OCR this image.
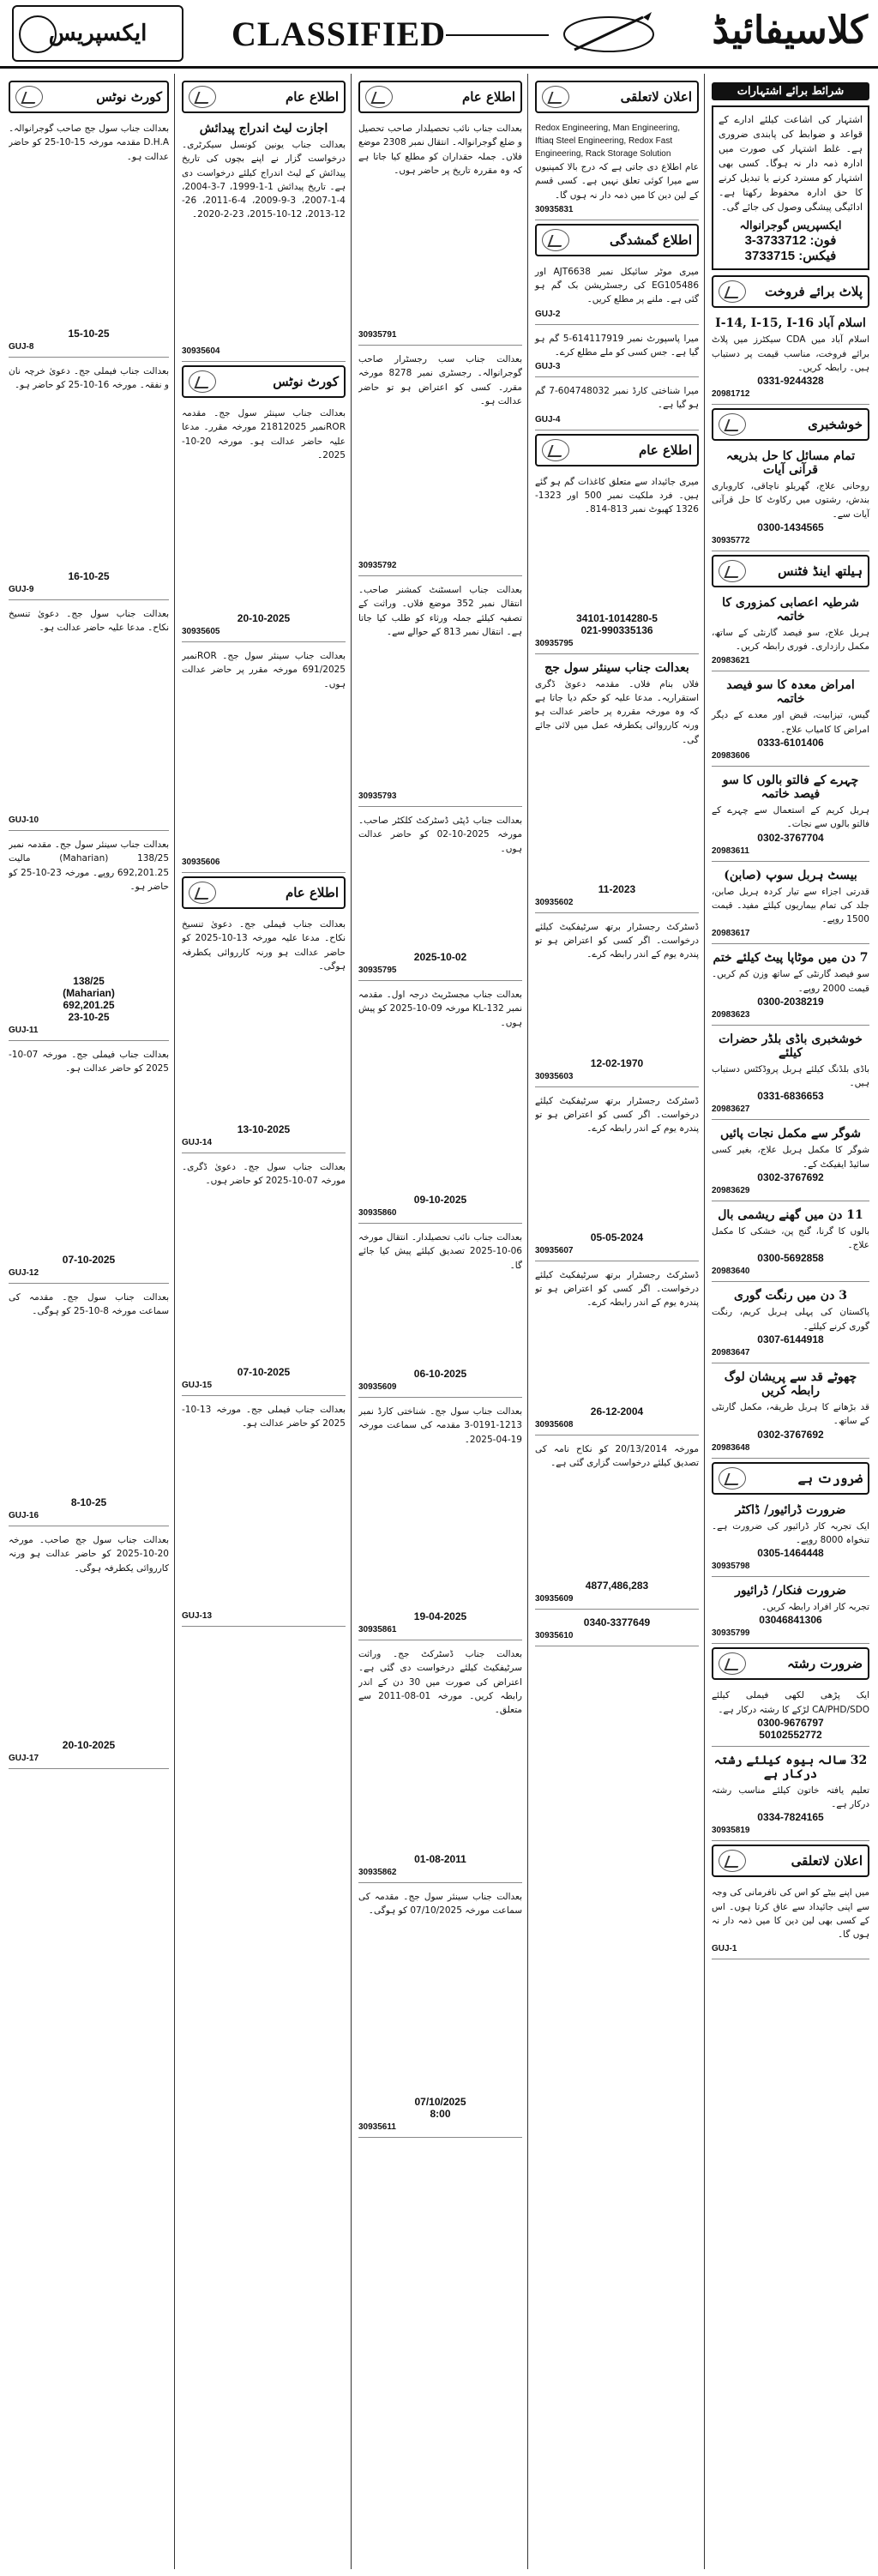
ایکسپریس CLASSIFIED	کلاسیفائیڈ
شرائط برائے اشتہارات
اشتہار کی اشاعت کیلئے ادارے کے قواعد و ضوابط کی پابندی ضروری ہے۔ غلط اشتہار کی صورت میں ادارہ ذمہ دار نہ ہوگا۔ کسی بھی اشتہار کو مسترد کرنے یا تبدیل کرنے کا حق ادارہ محفوظ رکھتا ہے۔ ادائیگی پیشگی وصول کی جائے گی۔
ایکسپریس گوجرانوالہ
فون: 3733712-3
فیکس: 3733715
پلاٹ برائے فروخت
اسلام آباد I-14, I-15, I-16
اسلام آباد میں CDA سیکٹرز میں پلاٹ برائے فروخت، مناسب قیمت پر دستیاب ہیں۔ رابطہ کریں۔
0331-9244328
20981712
خوشخبری
تمام مسائل کا حل بذریعہ قرآنی آیات
روحانی علاج، گھریلو ناچاقی، کاروباری بندش، رشتوں میں رکاوٹ کا حل قرآنی آیات سے۔
0300-1434565
30935772
ہیلتھ اینڈ فٹنس
شرطیہ اعصابی کمزوری کا خاتمہ
ہربل علاج، سو فیصد گارنٹی کے ساتھ، مکمل رازداری۔ فوری رابطہ کریں۔
20983621
امراض معدہ کا سو فیصد خاتمہ
گیس، تیزابیت، قبض اور معدے کے دیگر امراض کا کامیاب علاج۔
0333-6101406
20983606
چہرے کے فالتو بالوں کا سو فیصد خاتمہ
ہربل کریم کے استعمال سے چہرے کے فالتو بالوں سے نجات۔
0302-3767704
20983611
بیسٹ ہربل سوپ (صابن)
قدرتی اجزاء سے تیار کردہ ہربل صابن، جلد کی تمام بیماریوں کیلئے مفید۔ قیمت 1500 روپے۔
20983617
7 دن میں موٹاپا پیٹ کیلئے ختم
سو فیصد گارنٹی کے ساتھ وزن کم کریں۔ قیمت 2000 روپے۔
0300-2038219
20983623
خوشخبری باڈی بلڈر حضرات کیلئے
باڈی بلڈنگ کیلئے ہربل پروڈکٹس دستیاب ہیں۔
0331-6836653
20983627
شوگر سے مکمل نجات پائیں
شوگر کا مکمل ہربل علاج، بغیر کسی سائیڈ ایفیکٹ کے۔
0302-3767692
20983629
11 دن میں گھنے ریشمی بال
بالوں کا گرنا، گنج پن، خشکی کا مکمل علاج۔
0300-5692858
20983640
3 دن میں رنگت گوری
پاکستان کی پہلی ہربل کریم، رنگت گوری کرنے کیلئے۔
0307-6144918
20983647
چھوٹے قد سے پریشان لوگ رابطہ کریں
قد بڑھانے کا ہربل طریقہ، مکمل گارنٹی کے ساتھ۔
0302-3767692
20983648
ضرورت ہے
ضرورت ڈرائیور/ ڈاکٹر
ایک تجربہ کار ڈرائیور کی ضرورت ہے۔ تنخواہ 8000 روپے۔
0305-1464448
30935798
ضرورت فنکار/ ڈرائیور
تجربہ کار افراد رابطہ کریں۔
03046841306
30935799
ضرورت رشتہ
ایک پڑھی لکھی فیملی کیلئے CA/PHD/SDO لڑکے کا رشتہ درکار ہے۔
0300-9676797
50102552772
32 سالہ بیوہ کیلئے رشتہ درکار ہے
تعلیم یافتہ خاتون کیلئے مناسب رشتہ درکار ہے۔
0334-7824165
30935819
اعلان لاتعلقی
میں اپنے بیٹے کو اس کی نافرمانی کی وجہ سے اپنی جائیداد سے عاق کرتا ہوں۔ اس کے کسی بھی لین دین کا میں ذمہ دار نہ ہوں گا۔
GUJ-1
اعلان لاتعلقی
Redox Engineering, Man Engineering, Iftiaq Steel Engineering, Redox Fast Engineering, Rack Storage Solution
عام اطلاع دی جاتی ہے کہ درج بالا کمپنیوں سے میرا کوئی تعلق نہیں ہے۔ کسی قسم کے لین دین کا میں ذمہ دار نہ ہوں گا۔
30935831
اطلاع گمشدگی
میری موٹر سائیکل نمبر AJT6638 اور EG105486 کی رجسٹریشن بک گم ہو گئی ہے۔ ملنے پر مطلع کریں۔
GUJ-2
میرا پاسپورٹ نمبر 614117919-5 گم ہو گیا ہے۔ جس کسی کو ملے مطلع کرے۔
GUJ-3
میرا شناختی کارڈ نمبر 604748032-7 گم ہو گیا ہے۔
GUJ-4
اطلاع عام
میری جائیداد سے متعلق کاغذات گم ہو گئے ہیں۔ فرد ملکیت نمبر 500 اور 1323-1326 کھیوٹ نمبر 813-814۔
34101-1014280-5
021-990335136
30935795
بعدالت جناب سینئر سول جج
فلاں بنام فلاں۔ مقدمہ دعویٰ ڈگری استقراریہ۔ مدعا علیہ کو حکم دیا جاتا ہے کہ وہ مورخہ مقررہ پر حاضر عدالت ہو ورنہ کارروائی یکطرفہ عمل میں لائی جائے گی۔
11-2023
30935602
ڈسٹرکٹ رجسٹرار برتھ سرٹیفکیٹ کیلئے درخواست۔ اگر کسی کو اعتراض ہو تو پندرہ یوم کے اندر رابطہ کرے۔
12-02-1970
30935603
ڈسٹرکٹ رجسٹرار برتھ سرٹیفکیٹ کیلئے درخواست۔ اگر کسی کو اعتراض ہو تو پندرہ یوم کے اندر رابطہ کرے۔
05-05-2024
30935607
ڈسٹرکٹ رجسٹرار برتھ سرٹیفکیٹ کیلئے درخواست۔ اگر کسی کو اعتراض ہو تو پندرہ یوم کے اندر رابطہ کرے۔
26-12-2004
30935608
مورخہ 20/13/2014 کو نکاح نامہ کی تصدیق کیلئے درخواست گزاری گئی ہے۔
4877,486,283
30935609
0340-3377649
30935610
اطلاع عام
بعدالت جناب نائب تحصیلدار صاحب تحصیل و ضلع گوجرانوالہ۔ انتقال نمبر 2308 موضع فلاں۔ جملہ حقداران کو مطلع کیا جاتا ہے کہ وہ مقررہ تاریخ پر حاضر ہوں۔
30935791
بعدالت جناب سب رجسٹرار صاحب گوجرانوالہ۔ رجسٹری نمبر 8278 مورخہ مقرر۔ کسی کو اعتراض ہو تو حاضر عدالت ہو۔
30935792
بعدالت جناب اسسٹنٹ کمشنر صاحب۔ انتقال نمبر 352 موضع فلاں۔ وراثت کے تصفیہ کیلئے جملہ ورثاء کو طلب کیا جاتا ہے۔ انتقال نمبر 813 کے حوالے سے۔
30935793
بعدالت جناب ڈپٹی ڈسٹرکٹ کلکٹر صاحب۔ مورخہ 2025-10-02 کو حاضر عدالت ہوں۔
2025-10-02
30935795
بعدالت جناب مجسٹریٹ درجہ اول۔ مقدمہ نمبر KL-132 مورخہ 09-10-2025 کو پیش ہوں۔
09-10-2025
30935860
بعدالت جناب نائب تحصیلدار۔ انتقال مورخہ 06-10-2025 تصدیق کیلئے پیش کیا جائے گا۔
06-10-2025
30935609
بعدالت جناب سول جج۔ شناختی کارڈ نمبر 1213-0191-3 مقدمہ کی سماعت مورخہ 19-04-2025۔
19-04-2025
30935861
بعدالت جناب ڈسٹرکٹ جج۔ وراثت سرٹیفکیٹ کیلئے درخواست دی گئی ہے۔ اعتراض کی صورت میں 30 دن کے اندر رابطہ کریں۔ مورخہ 01-08-2011 سے متعلق۔
01-08-2011
30935862
بعدالت جناب سینئر سول جج۔ مقدمہ کی سماعت مورخہ 07/10/2025 کو ہوگی۔
07/10/2025
8:00
30935611
اطلاع عام
اجازت لیٹ اندراج پیدائش
بعدالت جناب یونین کونسل سیکرٹری۔ درخواست گزار نے اپنے بچوں کی تاریخ پیدائش کے لیٹ اندراج کیلئے درخواست دی ہے۔ تاریخ پیدائش 1-1-1999، 7-3-2004، 4-1-2007، 3-9-2009، 4-6-2011، 26-12-2013، 12-10-2015، 23-2-2020۔
30935604
کورٹ نوٹس
بعدالت جناب سینئر سول جج۔ مقدمہ RORنمبر 21812025 مورخہ مقرر۔ مدعا علیہ حاضر عدالت ہو۔ مورخہ 20-10-2025۔
20-10-2025
30935605
بعدالت جناب سینئر سول جج۔ RORنمبر 691/2025 مورخہ مقرر پر حاضر عدالت ہوں۔
30935606
اطلاع عام
بعدالت جناب فیملی جج۔ دعویٰ تنسیخ نکاح۔ مدعا علیہ مورخہ 13-10-2025 کو حاضر عدالت ہو ورنہ کارروائی یکطرفہ ہوگی۔
13-10-2025
GUJ-14
بعدالت جناب سول جج۔ دعویٰ ڈگری۔ مورخہ 07-10-2025 کو حاضر ہوں۔
07-10-2025
GUJ-15
بعدالت جناب فیملی جج۔ مورخہ 13-10-2025 کو حاضر عدالت ہو۔
GUJ-13
کورٹ نوٹس
بعدالت جناب سول جج صاحب گوجرانوالہ۔ D.H.A مقدمہ مورخہ 15-10-25 کو حاضر عدالت ہو۔
15-10-25
GUJ-8
بعدالت جناب فیملی جج۔ دعویٰ خرچہ نان و نفقہ۔ مورخہ 16-10-25 کو حاضر ہو۔
16-10-25
GUJ-9
بعدالت جناب سول جج۔ دعویٰ تنسیخ نکاح۔ مدعا علیہ حاضر عدالت ہو۔
GUJ-10
بعدالت جناب سینئر سول جج۔ مقدمہ نمبر 138/25 (Maharian) مالیت 692,201.25 روپے۔ مورخہ 23-10-25 کو حاضر ہو۔
138/25
(Maharian)
692,201.25
23-10-25
GUJ-11
بعدالت جناب فیملی جج۔ مورخہ 07-10-2025 کو حاضر عدالت ہو۔
07-10-2025
GUJ-12
بعدالت جناب سول جج۔ مقدمہ کی سماعت مورخہ 8-10-25 کو ہوگی۔
8-10-25
GUJ-16
بعدالت جناب سول جج صاحب۔ مورخہ 20-10-2025 کو حاضر عدالت ہو ورنہ کارروائی یکطرفہ ہوگی۔
20-10-2025
GUJ-17
